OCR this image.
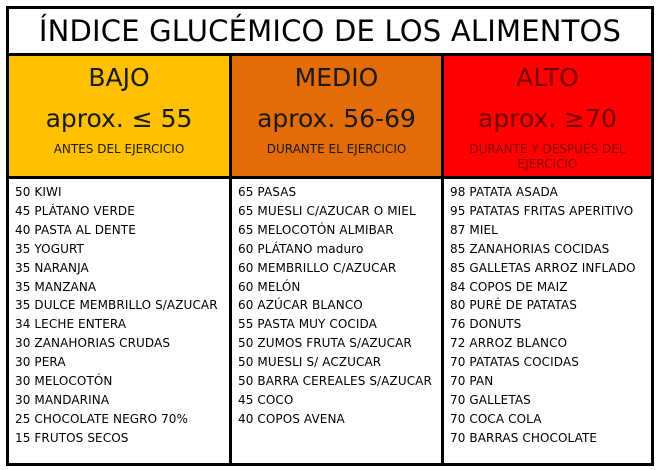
ÍNDICE GLUCÉMICO DE LOS ALIMENTOS
BAJO
aprox. ≤ 55
ANTES DEL EJERCICIO
50 KIWI
45 PLÁTANO VERDE
40 PASTA AL DENTE
35 YOGURT
35 NARANJA
35 MANZANA
35 DULCE MEMBRILLO S/AZUCAR
34 LECHE ENTERA
30 ZANAHORIAS CRUDAS
30 PERA
30 MELOCOTÓN
30 MANDARINA
25 CHOCOLATE NEGRO 70%
15 FRUTOS SECOS
MEDIO
aprox. 56-69
DURANTE EL EJERCICIO
65 PASAS
65 MUESLI C/AZUCAR O MIEL
65 MELOCOTÓN ALMIBAR
60 PLÁTANO maduro
60 MEMBRILLO C/AZUCAR
60 MELÓN
60 AZÚCAR BLANCO
55 PASTA MUY COCIDA
50 ZUMOS FRUTA S/AZUCAR
50 MUESLI S/ ACZUCAR
50 BARRA CEREALES S/AZUCAR
45 COCO
40 COPOS AVENA
ALTO
aprox. ≥70
DURANTE Y DESPUÉS DEL EJERCICIO
98 PATATA ASADA
95 PATATAS FRITAS APERITIVO
87 MIEL
85 ZANAHORIAS COCIDAS
85 GALLETAS ARROZ INFLADO
84 COPOS DE MAIZ
80 PURÉ DE PATATAS
76 DONUTS
72 ARROZ BLANCO
70 PATATAS COCIDAS
70 PAN
70 GALLETAS
70 COCA COLA
70 BARRAS CHOCOLATE
